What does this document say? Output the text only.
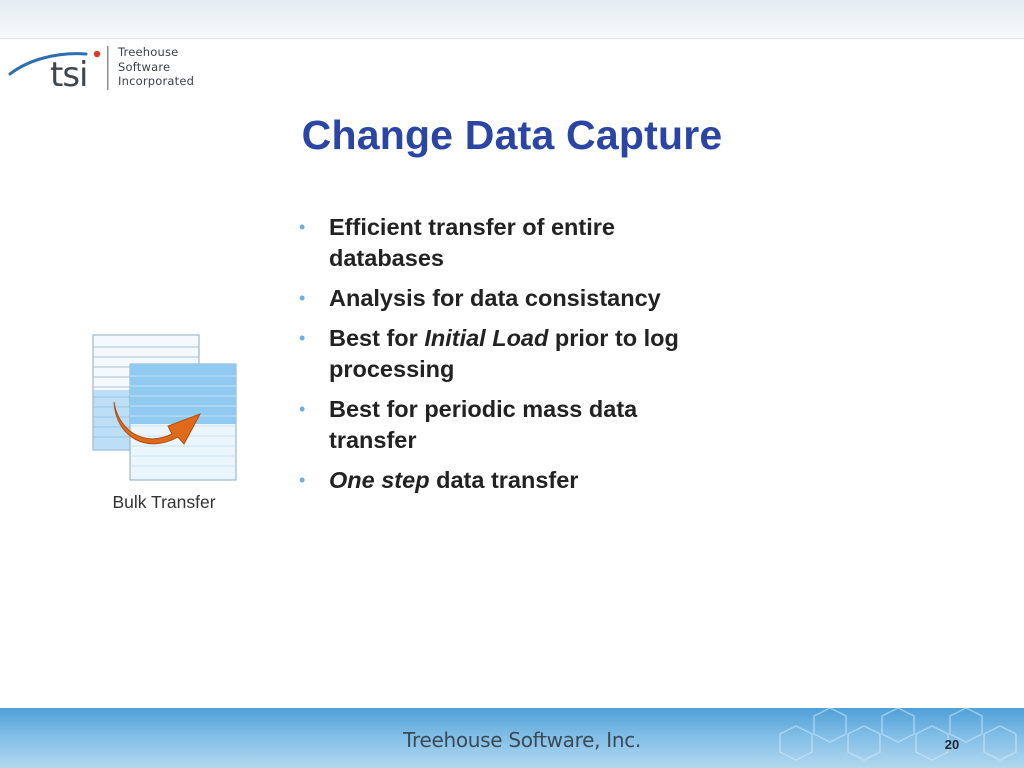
tsi
Treehouse
Software
Incorporated
Change Data Capture
Bulk Transfer
• Efficient transfer of entire databases
• Analysis for data consistancy
• Best for Initial Load prior to log processing
• Best for periodic mass data transfer
• One step data transfer
Treehouse Software, Inc.	20
